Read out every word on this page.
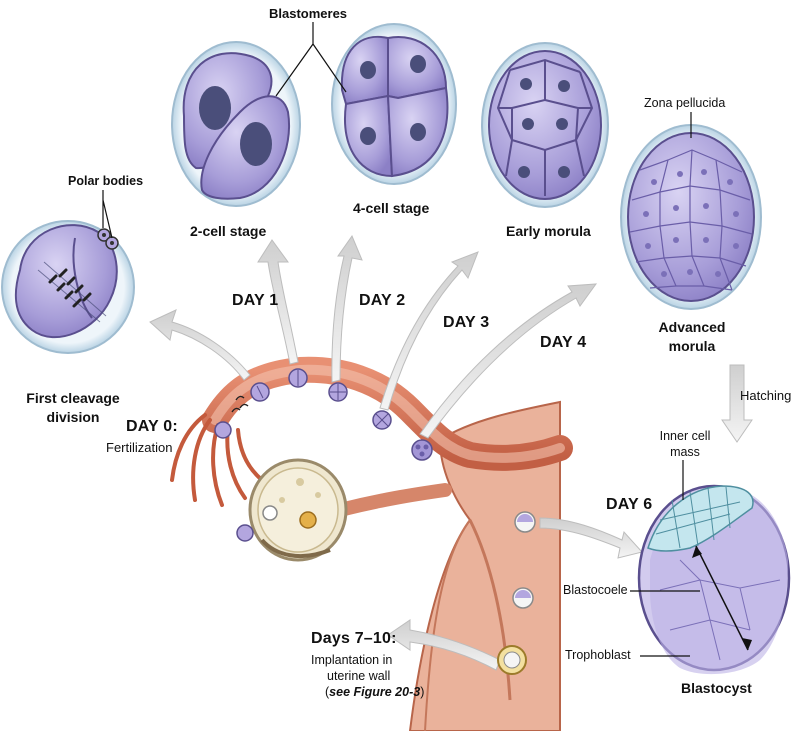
Blastomeres
Polar bodies
2-cell stage
4-cell stage
Early morula
Zona pellucida
Advanced
morula
First cleavage
division
DAY 0:
Fertilization
DAY 1	DAY 2
DAY 3
DAY 4
Hatching
Inner cell
mass
DAY 6
Blastocoele
Trophoblast
Blastocyst
Days 7–10:
Implantation in
uterine wall
(see Figure 20-3)
